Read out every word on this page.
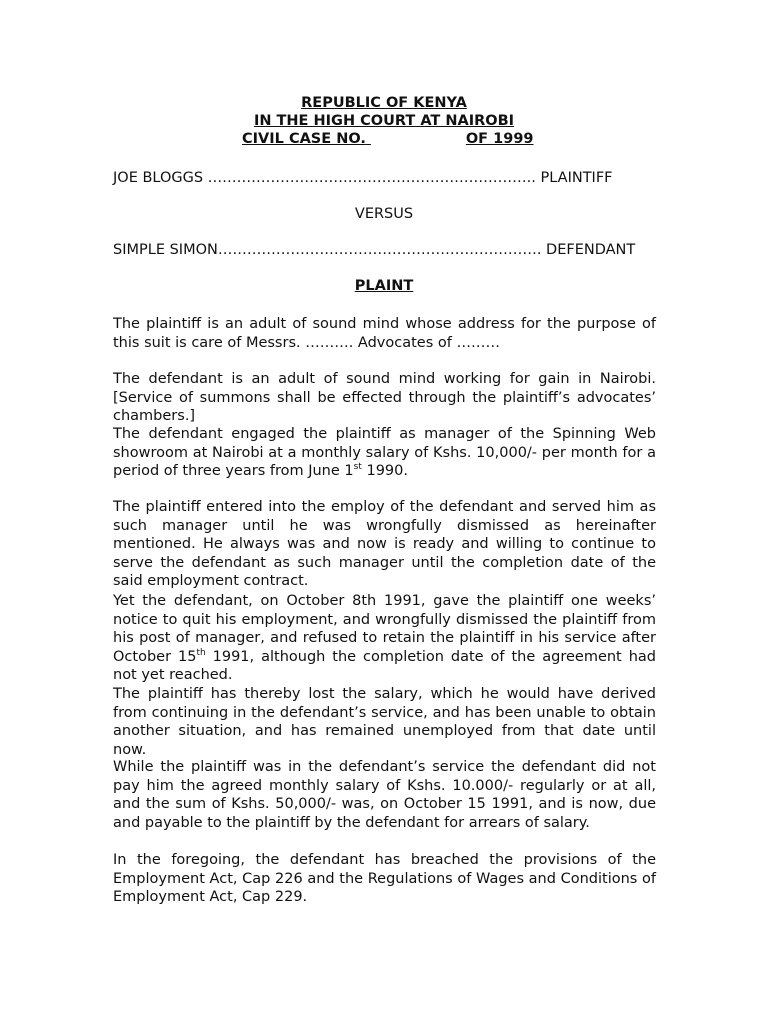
REPUBLIC OF KENYA
IN THE HIGH COURT AT NAIROBI
CIVIL CASE NO.	OF 1999
JOE BLOGGS ………………………………………………………….. PLAINTIFF
VERSUS
SIMPLE SIMON…………………………………………………………. DEFENDANT
PLAINT

The plaintiff is an adult of sound mind whose address for the purpose of this suit is care of Messrs. ………. Advocates of ………

The defendant is an adult of sound mind working for gain in Nairobi. [Service of summons shall be effected through the plaintiff’s advocates’ chambers.]

The defendant engaged the plaintiff as manager of the Spinning Web showroom at Nairobi at a monthly salary of Kshs. 10,000/- per month for a period of three years from June 1st 1990.

The plaintiff entered into the employ of the defendant and served him as such manager until he was wrongfully dismissed as hereinafter mentioned. He always was and now is ready and willing to continue to serve the defendant as such manager until the completion date of the said employment contract.

Yet the defendant, on October 8th 1991, gave the plaintiff one weeks’ notice to quit his employment, and wrongfully dismissed the plaintiff from his post of manager, and refused to retain the plaintiff in his service after October 15th 1991, although the completion date of the agreement had not yet reached.

The plaintiff has thereby lost the salary, which he would have derived from continuing in the defendant’s service, and has been unable to obtain another situation, and has remained unemployed from that date until now.

While the plaintiff was in the defendant’s service the defendant did not pay him the agreed monthly salary of Kshs. 10.000/- regularly or at all, and the sum of Kshs. 50,000/- was, on October 15 1991, and is now, due and payable to the plaintiff by the defendant for arrears of salary.

In the foregoing, the defendant has breached the provisions of the Employment Act, Cap 226 and the Regulations of Wages and Conditions of Employment Act, Cap 229.
